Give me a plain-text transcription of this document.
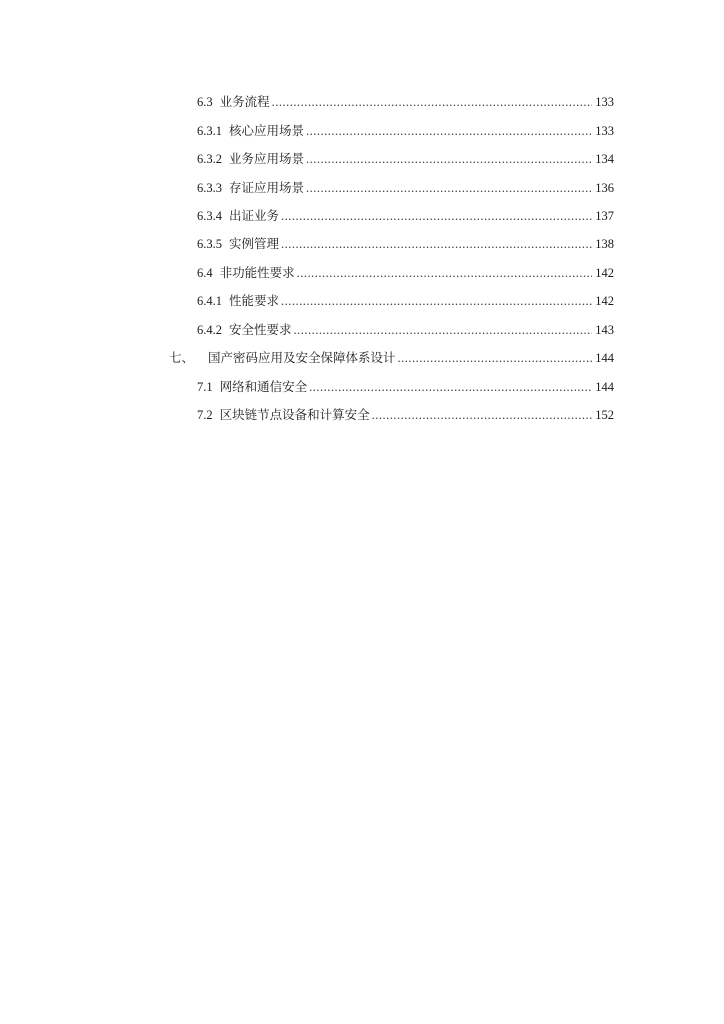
6.3 业务流程 .....	133
6.3.1 核心应用场景 .....	133
6.3.2 业务应用场景 .....	134
6.3.3 存证应用场景 .....	136
6.3.4 出证业务 .....	137
6.3.5 实例管理 .....	138
6.4 非功能性要求 .....	142
6.4.1 性能要求 .....	142
6.4.2 安全性要求 .....	143
七、 国产密码应用及安全保障体系设计 .....	144
7.1 网络和通信安全 .....	144
7.2 区块链节点设备和计算安全 .....	152
